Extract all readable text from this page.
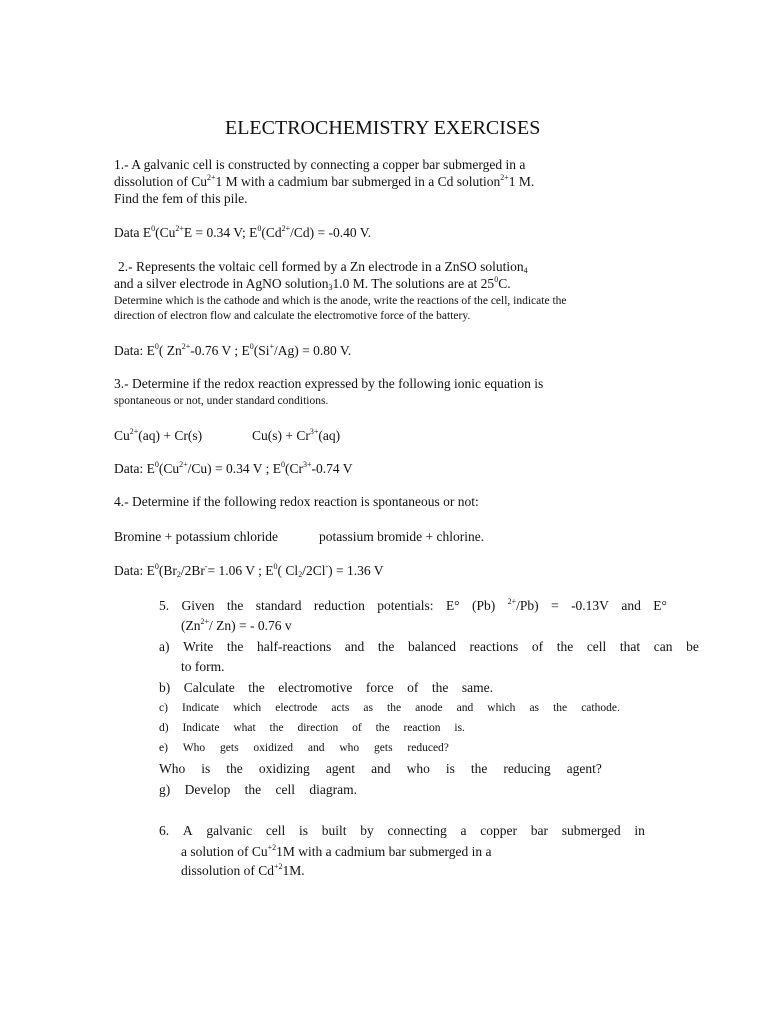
ELECTROCHEMISTRY EXERCISES
1.- A galvanic cell is constructed by connecting a copper bar submerged in a
dissolution of $Cu^{2+}1$ M with a cadmium bar submerged in a Cd solution$^{2+}$1 M.
Find the fem of this pile.
Data $E^0(Cu^{2+}E = 0.34$ V; $E^0(Cd^{2+}/Cd) = -0.40$ V.
2.- Represents the voltaic cell formed by a Zn electrode in a ZnSO solution$_4$
and a silver electrode in AgNO solution$_3$1.0 M. The solutions are at $25^0C$.
Determine which is the cathode and which is the anode, write the reactions of the cell, indicate the
direction of electron flow and calculate the electromotive force of the battery.
Data: $E^0$( $Zn^{2+}-0.76$ V ; $E^0(Si^+/Ag) = 0.80$ V.
3.- Determine if the redox reaction expressed by the following ionic equation is
spontaneous or not, under standard conditions.
$Cu^{2+}(aq) + Cr(s)$	$Cu(s) + Cr^{3+}(aq)$
Data: $E^0(Cu^{2+}/Cu) = 0.34$ V ; $E^0(Cr^{3+}-0.74$ V
4.- Determine if the following redox reaction is spontaneous or not:
Bromine + potassium chloride	potassium bromide + chlorine.
Data: $E^0(Br_2/2Br^-= 1.06$ V ; $E^0$( $Cl_2/2Cl^-) = 1.36$ V
5. Given the standard reduction potentials: E° (Pb) $^{2+}$/Pb) = -0.13V and E°
($Zn^{2+}/$ Zn) = - 0.76 v
a) Write the half-reactions and the balanced reactions of the cell that can be
to form.
b) Calculate the electromotive force of the same.
c) Indicate which electrode acts as the anode and which as the cathode.
d) Indicate what the direction of the reaction is.
e) Who gets oxidized and who gets reduced?
Who is the oxidizing agent and who is the reducing agent?
g) Develop the cell diagram.
6. A galvanic cell is built by connecting a copper bar submerged in
a solution of $Cu^{+2}1M$ with a cadmium bar submerged in a
dissolution of $Cd^{+2}1M$.
